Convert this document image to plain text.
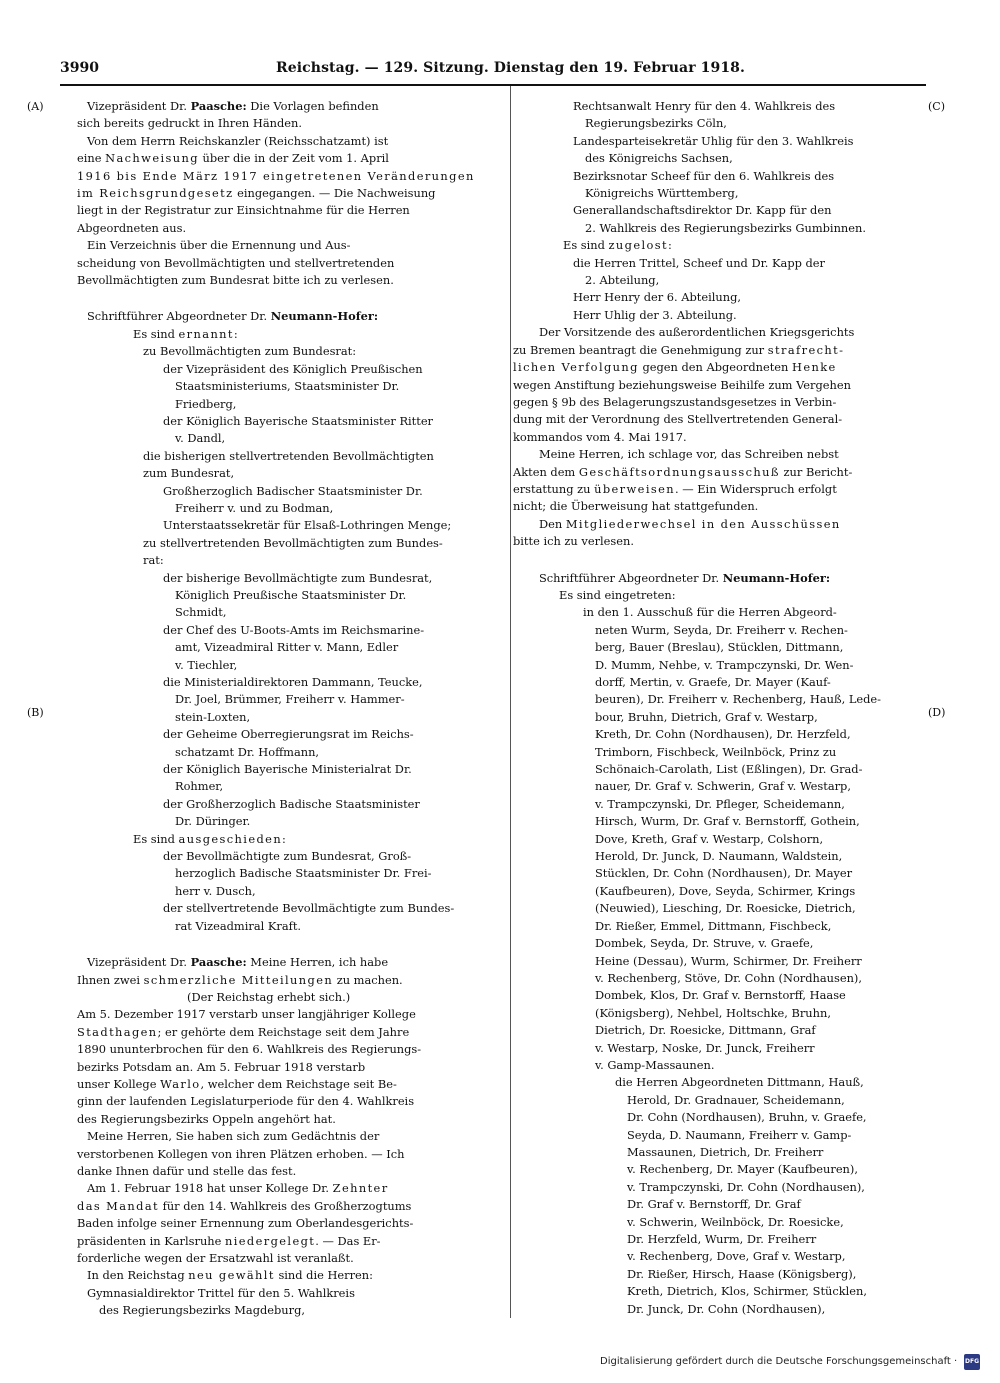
3990	Reichstag. — 129. Sitzung. Dienstag den 19. Februar 1918.
(A)
(B)
(C)
(D)

Vizepräsident Dr. Paasche: Die Vorlagen befinden

sich bereits gedruckt in Ihren Händen.

Von dem Herrn Reichskanzler (Reichsschatzamt) ist

eine Nachweisung über die in der Zeit vom 1. April

1916 bis Ende März 1917 eingetretenen Veränderungen

im Reichsgrundgesetz eingegangen. — Die Nachweisung

liegt in der Registratur zur Einsichtnahme für die Herren

Abgeordneten aus.

Ein Verzeichnis über die Ernennung und Aus-

scheidung von Bevollmächtigten und stellvertretenden

Bevollmächtigten zum Bundesrat bitte ich zu verlesen.

Schriftführer Abgeordneter Dr. Neumann-Hofer:

Es sind ernannt:

zu Bevollmächtigten zum Bundesrat:

der Vizepräsident des Königlich Preußischen

Staatsministeriums, Staatsminister Dr.

Friedberg,

der Königlich Bayerische Staatsminister Ritter

v. Dandl,

die bisherigen stellvertretenden Bevollmächtigten

zum Bundesrat,

Großherzoglich Badischer Staatsminister Dr.

Freiherr v. und zu Bodman,

Unterstaatssekretär für Elsaß-Lothringen Menge;

zu stellvertretenden Bevollmächtigten zum Bundes-

rat:

der bisherige Bevollmächtigte zum Bundesrat,

Königlich Preußische Staatsminister Dr.

Schmidt,

der Chef des U-Boots-Amts im Reichsmarine-

amt, Vizeadmiral Ritter v. Mann, Edler

v. Tiechler,

die Ministerialdirektoren Dammann, Teucke,

Dr. Joel, Brümmer, Freiherr v. Hammer-

stein-Loxten,

der Geheime Oberregierungsrat im Reichs-

schatzamt Dr. Hoffmann,

der Königlich Bayerische Ministerialrat Dr.

Rohmer,

der Großherzoglich Badische Staatsminister

Dr. Düringer.

Es sind ausgeschieden:

der Bevollmächtigte zum Bundesrat, Groß-

herzoglich Badische Staatsminister Dr. Frei-

herr v. Dusch,

der stellvertretende Bevollmächtigte zum Bundes-

rat Vizeadmiral Kraft.

Vizepräsident Dr. Paasche: Meine Herren, ich habe

Ihnen zwei schmerzliche Mitteilungen zu machen.

(Der Reichstag erhebt sich.)

Am 5. Dezember 1917 verstarb unser langjähriger Kollege

Stadthagen; er gehörte dem Reichstage seit dem Jahre

1890 ununterbrochen für den 6. Wahlkreis des Regierungs-

bezirks Potsdam an. Am 5. Februar 1918 verstarb

unser Kollege Warlo, welcher dem Reichstage seit Be-

ginn der laufenden Legislaturperiode für den 4. Wahlkreis

des Regierungsbezirks Oppeln angehört hat.

Meine Herren, Sie haben sich zum Gedächtnis der

verstorbenen Kollegen von ihren Plätzen erhoben. — Ich

danke Ihnen dafür und stelle das fest.

Am 1. Februar 1918 hat unser Kollege Dr. Zehnter

das Mandat für den 14. Wahlkreis des Großherzogtums

Baden infolge seiner Ernennung zum Oberlandesgerichts-

präsidenten in Karlsruhe niedergelegt. — Das Er-

forderliche wegen der Ersatzwahl ist veranlaßt.

In den Reichstag neu gewählt sind die Herren:

Gymnasialdirektor Trittel für den 5. Wahlkreis

des Regierungsbezirks Magdeburg,

Rechtsanwalt Henry für den 4. Wahlkreis des

Regierungsbezirks Cöln,

Landesparteisekretär Uhlig für den 3. Wahlkreis

des Königreichs Sachsen,

Bezirksnotar Scheef für den 6. Wahlkreis des

Königreichs Württemberg,

Generallandschaftsdirektor Dr. Kapp für den

2. Wahlkreis des Regierungsbezirks Gumbinnen.

Es sind zugelost:

die Herren Trittel, Scheef und Dr. Kapp der

2. Abteilung,

Herr Henry der 6. Abteilung,

Herr Uhlig der 3. Abteilung.

Der Vorsitzende des außerordentlichen Kriegsgerichts

zu Bremen beantragt die Genehmigung zur strafrecht-

lichen Verfolgung gegen den Abgeordneten Henke

wegen Anstiftung beziehungsweise Beihilfe zum Vergehen

gegen § 9b des Belagerungszustandsgesetzes in Verbin-

dung mit der Verordnung des Stellvertretenden General-

kommandos vom 4. Mai 1917.

Meine Herren, ich schlage vor, das Schreiben nebst

Akten dem Geschäftsordnungsausschuß zur Bericht-

erstattung zu überweisen. — Ein Widerspruch erfolgt

nicht; die Überweisung hat stattgefunden.

Den Mitgliederwechsel in den Ausschüssen

bitte ich zu verlesen.

Schriftführer Abgeordneter Dr. Neumann-Hofer:

Es sind eingetreten:

in den 1. Ausschuß für die Herren Abgeord-

neten Wurm, Seyda, Dr. Freiherr v. Rechen-

berg, Bauer (Breslau), Stücklen, Dittmann,

D. Mumm, Nehbe, v. Trampczynski, Dr. Wen-

dorff, Mertin, v. Graefe, Dr. Mayer (Kauf-

beuren), Dr. Freiherr v. Rechenberg, Hauß, Lede-

bour, Bruhn, Dietrich, Graf v. Westarp,

Kreth, Dr. Cohn (Nordhausen), Dr. Herzfeld,

Trimborn, Fischbeck, Weilnböck, Prinz zu

Schönaich-Carolath, List (Eßlingen), Dr. Grad-

nauer, Dr. Graf v. Schwerin, Graf v. Westarp,

v. Trampczynski, Dr. Pfleger, Scheidemann,

Hirsch, Wurm, Dr. Graf v. Bernstorff, Gothein,

Dove, Kreth, Graf v. Westarp, Colshorn,

Herold, Dr. Junck, D. Naumann, Waldstein,

Stücklen, Dr. Cohn (Nordhausen), Dr. Mayer

(Kaufbeuren), Dove, Seyda, Schirmer, Krings

(Neuwied), Liesching, Dr. Roesicke, Dietrich,

Dr. Rießer, Emmel, Dittmann, Fischbeck,

Dombek, Seyda, Dr. Struve, v. Graefe,

Heine (Dessau), Wurm, Schirmer, Dr. Freiherr

v. Rechenberg, Stöve, Dr. Cohn (Nordhausen),

Dombek, Klos, Dr. Graf v. Bernstorff, Haase

(Königsberg), Nehbel, Holtschke, Bruhn,

Dietrich, Dr. Roesicke, Dittmann, Graf

v. Westarp, Noske, Dr. Junck, Freiherr

v. Gamp-Massaunen.

die Herren Abgeordneten Dittmann, Hauß,

Herold, Dr. Gradnauer, Scheidemann,

Dr. Cohn (Nordhausen), Bruhn, v. Graefe,

Seyda, D. Naumann, Freiherr v. Gamp-

Massaunen, Dietrich, Dr. Freiherr

v. Rechenberg, Dr. Mayer (Kaufbeuren),

v. Trampczynski, Dr. Cohn (Nordhausen),

Dr. Graf v. Bernstorff, Dr. Graf

v. Schwerin, Weilnböck, Dr. Roesicke,

Dr. Herzfeld, Wurm, Dr. Freiherr

v. Rechenberg, Dove, Graf v. Westarp,

Dr. Rießer, Hirsch, Haase (Königsberg),

Kreth, Dietrich, Klos, Schirmer, Stücklen,

Dr. Junck, Dr. Cohn (Nordhausen),

Digitalisierung gefördert durch die Deutsche Forschungsgemeinschaft · DFG
